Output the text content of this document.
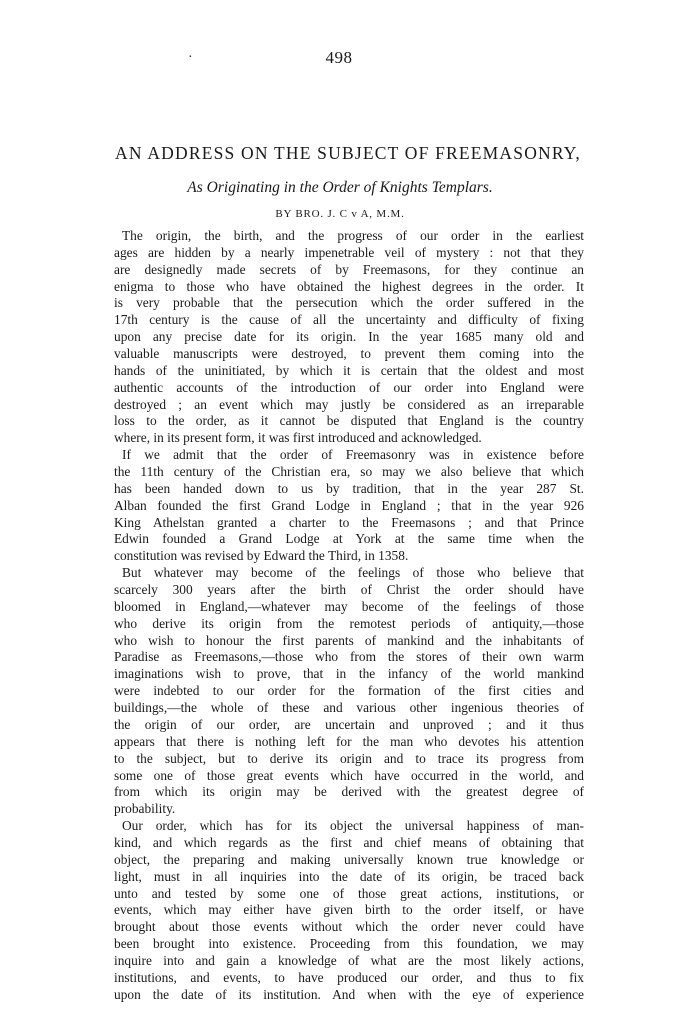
·	498
AN ADDRESS ON THE SUBJECT OF FREEMASONRY,
As Originating in the Order of Knights Templars.
BY BRO. J. C v A, M.M.
The origin, the birth, and the progress of our order in the earliest
ages are hidden by a nearly impenetrable veil of mystery : not that they
are designedly made secrets of by Freemasons, for they continue an
enigma to those who have obtained the highest degrees in the order. It
is very probable that the persecution which the order suffered in the
17th century is the cause of all the uncertainty and difficulty of fixing
upon any precise date for its origin. In the year 1685 many old and
valuable manuscripts were destroyed, to prevent them coming into the
hands of the uninitiated, by which it is certain that the oldest and most
authentic accounts of the introduction of our order into England were
destroyed ; an event which may justly be considered as an irreparable
loss to the order, as it cannot be disputed that England is the country
where, in its present form, it was first introduced and acknowledged.
If we admit that the order of Freemasonry was in existence before
the 11th century of the Christian era, so may we also believe that which
has been handed down to us by tradition, that in the year 287 St.
Alban founded the first Grand Lodge in England ; that in the year 926
King Athelstan granted a charter to the Freemasons ; and that Prince
Edwin founded a Grand Lodge at York at the same time when the
constitution was revised by Edward the Third, in 1358.
But whatever may become of the feelings of those who believe that
scarcely 300 years after the birth of Christ the order should have
bloomed in England,—whatever may become of the feelings of those
who derive its origin from the remotest periods of antiquity,—those
who wish to honour the first parents of mankind and the inhabitants of
Paradise as Freemasons,—those who from the stores of their own warm
imaginations wish to prove, that in the infancy of the world mankind
were indebted to our order for the formation of the first cities and
buildings,—the whole of these and various other ingenious theories of
the origin of our order, are uncertain and unproved ; and it thus
appears that there is nothing left for the man who devotes his attention
to the subject, but to derive its origin and to trace its progress from
some one of those great events which have occurred in the world, and
from which its origin may be derived with the greatest degree of
probability.
Our order, which has for its object the universal happiness of man-
kind, and which regards as the first and chief means of obtaining that
object, the preparing and making universally known true knowledge or
light, must in all inquiries into the date of its origin, be traced back
unto and tested by some one of those great actions, institutions, or
events, which may either have given birth to the order itself, or have
brought about those events without which the order never could have
been brought into existence. Proceeding from this foundation, we may
inquire into and gain a knowledge of what are the most likely actions,
institutions, and events, to have produced our order, and thus to fix
upon the date of its institution. And when with the eye of experience
